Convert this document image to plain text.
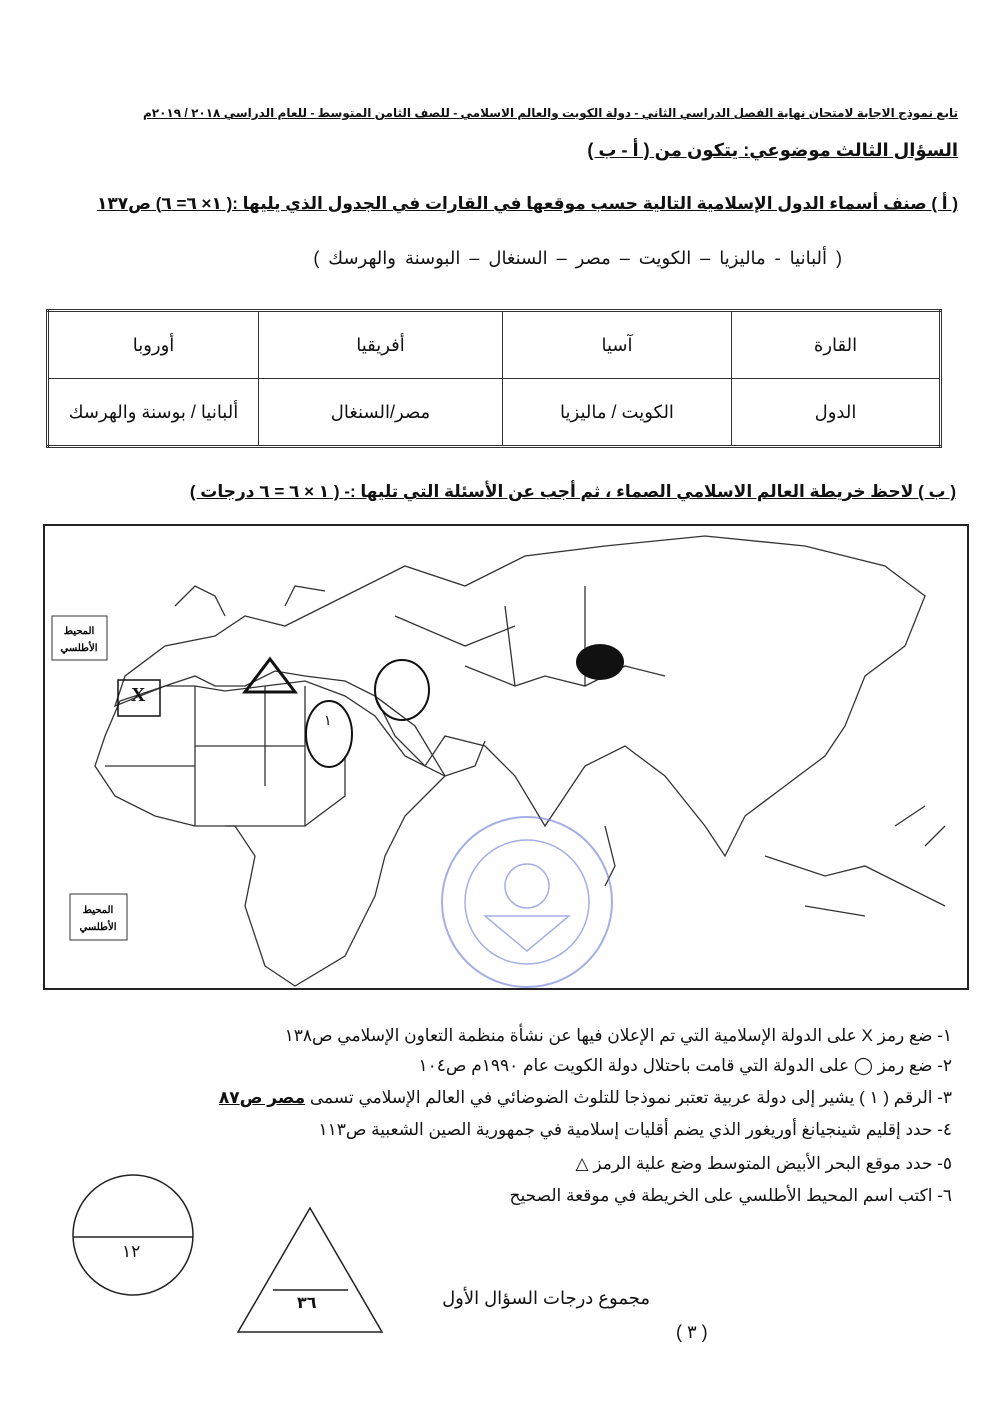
تابع نموذج الاجابة لامتحان نهاية الفصل الدراسي الثاني - دولة الكويت والعالم الاسلامي - للصف الثامن المتوسط - للعام الدراسي ٢٠١٨ / ٢٠١٩م
السؤال الثالث موضوعي: يتكون من ( أ - ب )
( أ ) صنف أسماء الدول الإسلامية التالية حسب موقعها في القارات في الجدول الذي يليها :( ١× ٦= ٦) ص١٣٧
( ألبانيا - ماليزيا – الكويت – مصر – السنغال – البوسنة والهرسك )
أوروبا	أفريقيا	آسيا	القارة
ألبانيا / بوسنة والهرسك	مصر/السنغال	الكويت / ماليزيا	الدول
( ب ) لاحظ خريطة العالم الاسلامي الصماء ، ثم أجب عن الأسئلة التي تليها :- ( ١ × ٦ = ٦ درجات )
المحيط
الأطلسي
المحيط
الأطلسي
X
١
١- ضع رمز X على الدولة الإسلامية التي تم الإعلان فيها عن نشأة منظمة التعاون الإسلامي ص١٣٨
٢- ضع رمز ◯ على الدولة التي قامت باحتلال دولة الكويت عام ١٩٩٠م ص١٠٤
٣- الرقم ( ١ ) يشير إلى دولة عربية تعتبر نموذجا للتلوث الضوضائي في العالم الإسلامي تسمى مصر ص٨٧
٤- حدد إقليم شينجيانغ أوريغور الذي يضم أقليات إسلامية في جمهورية الصين الشعبية ص١١٣
٥- حدد موقع البحر الأبيض المتوسط وضع علية الرمز △
٦- اكتب اسم المحيط الأطلسي على الخريطة في موقعة الصحيح
١٢
٣٦	مجموع درجات السؤال الأول
( ٣ )
